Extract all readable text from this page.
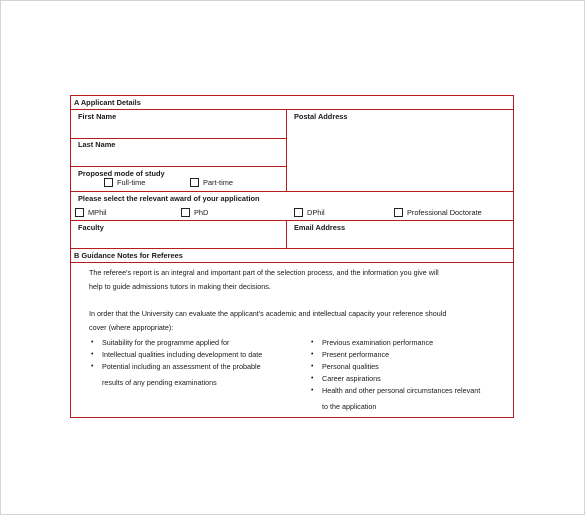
A Applicant Details
First Name	Postal Address
Last Name
Proposed mode of study
Full-time	Part-time
Please select the relevant award of your application
MPhil	PhD	DPhil	Professional Doctorate
Faculty	Email Address
B Guidance Notes for Referees
The referee's report is an integral and important part of the selection process, and the information you give will
help to guide admissions tutors in making their decisions.
In order that the University can evaluate the applicant's academic and intellectual capacity your reference should
cover (where appropriate):
• Suitability for the programme applied for
• Intellectual qualities including development to date
• Potential including an assessment of the probable
results of any pending examinations
• Previous examination performance
• Present performance
• Personal qualities
• Career aspirations
• Health and other personal circumstances relevant
to the application
